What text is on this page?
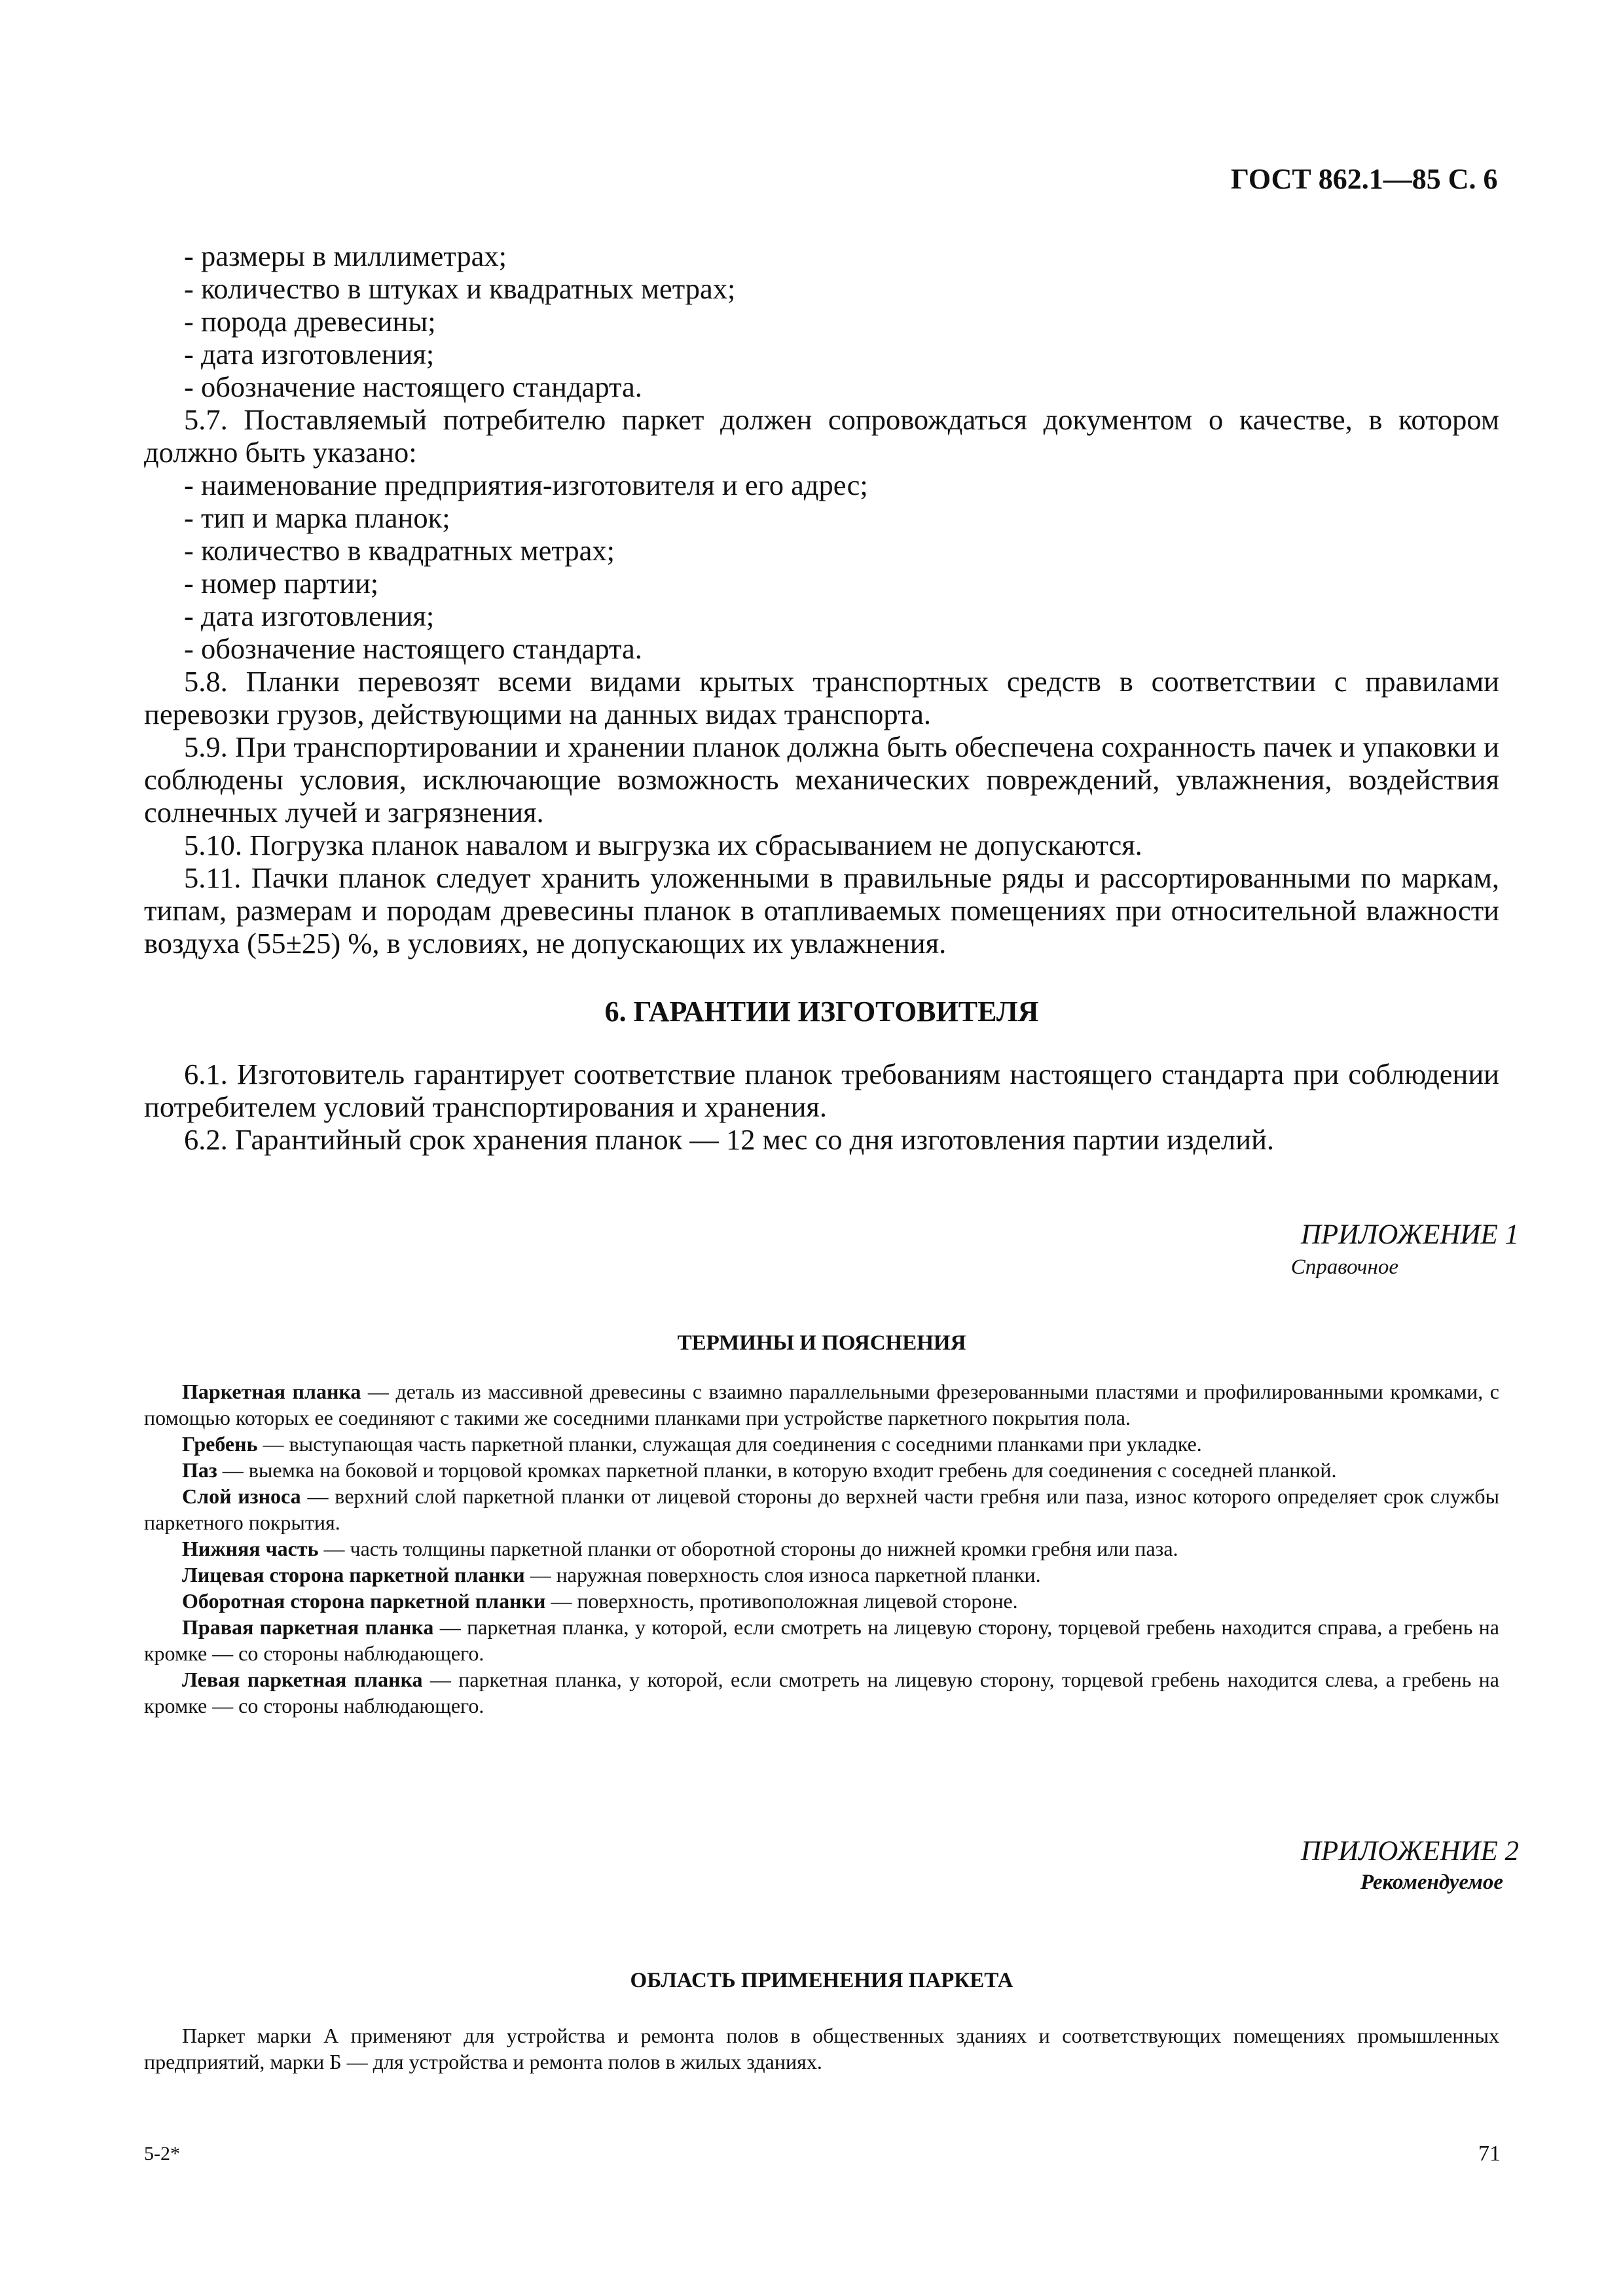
ГОСТ 862.1—85 С. 6

- размеры в миллиметрах;

- количество в штуках и квадратных метрах;

- порода древесины;

- дата изготовления;

- обозначение настоящего стандарта.

5.7. Поставляемый потребителю паркет должен сопровождаться документом о качестве, в котором должно быть указано:

- наименование предприятия-изготовителя и его адрес;

- тип и марка планок;

- количество в квадратных метрах;

- номер партии;

- дата изготовления;

- обозначение настоящего стандарта.

5.8. Планки перевозят всеми видами крытых транспортных средств в соответствии с правилами перевозки грузов, действующими на данных видах транспорта.

5.9. При транспортировании и хранении планок должна быть обеспечена сохранность пачек и упаковки и соблюдены условия, исключающие возможность механических повреждений, увлажнения, воздействия солнечных лучей и загрязнения.

5.10. Погрузка планок навалом и выгрузка их сбрасыванием не допускаются.

5.11. Пачки планок следует хранить уложенными в правильные ряды и рассортированными по маркам, типам, размерам и породам древесины планок в отапливаемых помещениях при относительной влажности воздуха (55±25) %, в условиях, не допускающих их увлажнения.

6. ГАРАНТИИ ИЗГОТОВИТЕЛЯ

6.1. Изготовитель гарантирует соответствие планок требованиям настоящего стандарта при соблюдении потребителем условий транспортирования и хранения.

6.2. Гарантийный срок хранения планок — 12 мес со дня изготовления партии изделий.

ПРИЛОЖЕНИЕ 1

Справочное

ТЕРМИНЫ И ПОЯСНЕНИЯ

Паркетная планка — деталь из массивной древесины с взаимно параллельными фрезерованными пластями и профилированными кромками, с помощью которых ее соединяют с такими же соседними планками при устройстве паркетного покрытия пола.

Гребень — выступающая часть паркетной планки, служащая для соединения с соседними планками при укладке.

Паз — выемка на боковой и торцовой кромках паркетной планки, в которую входит гребень для соединения с соседней планкой.

Слой износа — верхний слой паркетной планки от лицевой стороны до верхней части гребня или паза, износ которого определяет срок службы паркетного покрытия.

Нижняя часть — часть толщины паркетной планки от оборотной стороны до нижней кромки гребня или паза.

Лицевая сторона паркетной планки — наружная поверхность слоя износа паркетной планки.

Оборотная сторона паркетной планки — поверхность, противоположная лицевой стороне.

Правая паркетная планка — паркетная планка, у которой, если смотреть на лицевую сторону, торцевой гребень находится справа, а гребень на кромке — со стороны наблюдающего.

Левая паркетная планка — паркетная планка, у которой, если смотреть на лицевую сторону, торцевой гребень находится слева, а гребень на кромке — со стороны наблюдающего.

ПРИЛОЖЕНИЕ 2

Рекомендуемое

ОБЛАСТЬ ПРИМЕНЕНИЯ ПАРКЕТА

Паркет марки А применяют для устройства и ремонта полов в общественных зданиях и соответствующих помещениях промышленных предприятий, марки Б — для устройства и ремонта полов в жилых зданиях.

5-2*	71
